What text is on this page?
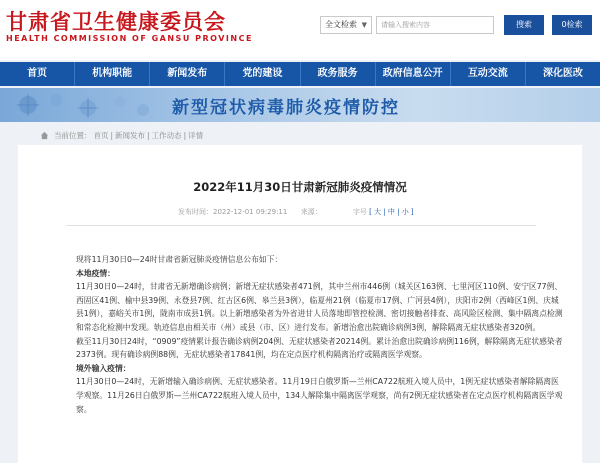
甘肃省卫生健康委员会
HEALTH COMMISSION OF GANSU PROVINCE
全文检索 ▼	请输入搜索内容	搜索	0检索
首页	机构职能	新闻发布	党的建设	政务服务	政府信息公开	互动交流	深化医改
新型冠状病毒肺炎疫情防控
当前位置： 首页 | 新闻发布 | 工作动态 | 详情
2022年11月30日甘肃新冠肺炎疫情情况
发布时间：2022-12-01 09:29:11 来源：	字号 [ 大 | 中 | 小 ]

现将11月30日0—24时甘肃省新冠肺炎疫情信息公布如下：

本地疫情：

11月30日0—24时，甘肃省无新增确诊病例；新增无症状感染者471例，其中兰州市446例（城关区163例、七里河区110例、安宁区77例、西固区41例、榆中县39例、永登县7例、红古区6例、皋兰县3例），临夏州21例（临夏市17例、广河县4例），庆阳市2例（西峰区1例、庆城县1例），嘉峪关市1例，陇南市成县1例。以上新增感染者为外省进甘人员落地即管控检测、密切接触者排查、高风险区检测、集中隔离点检测和常态化检测中发现。轨迹信息由相关市（州）或县（市、区）进行发布。新增治愈出院确诊病例3例，解除隔离无症状感染者320例。

截至11月30日24时，“0909”疫情累计报告确诊病例204例、无症状感染者20214例。累计治愈出院确诊病例116例，解除隔离无症状感染者2373例。现有确诊病例88例、无症状感染者17841例，均在定点医疗机构隔离治疗或隔离医学观察。

境外输入疫情：

11月30日0—24时，无新增输入确诊病例、无症状感染者。11月19日白俄罗斯—兰州CA722航班入境人员中，1例无症状感染者解除隔离医学观察。11月26日白俄罗斯—兰州CA722航班入境人员中，134人解除集中隔离医学观察，尚有2例无症状感染者在定点医疗机构隔离医学观察。
